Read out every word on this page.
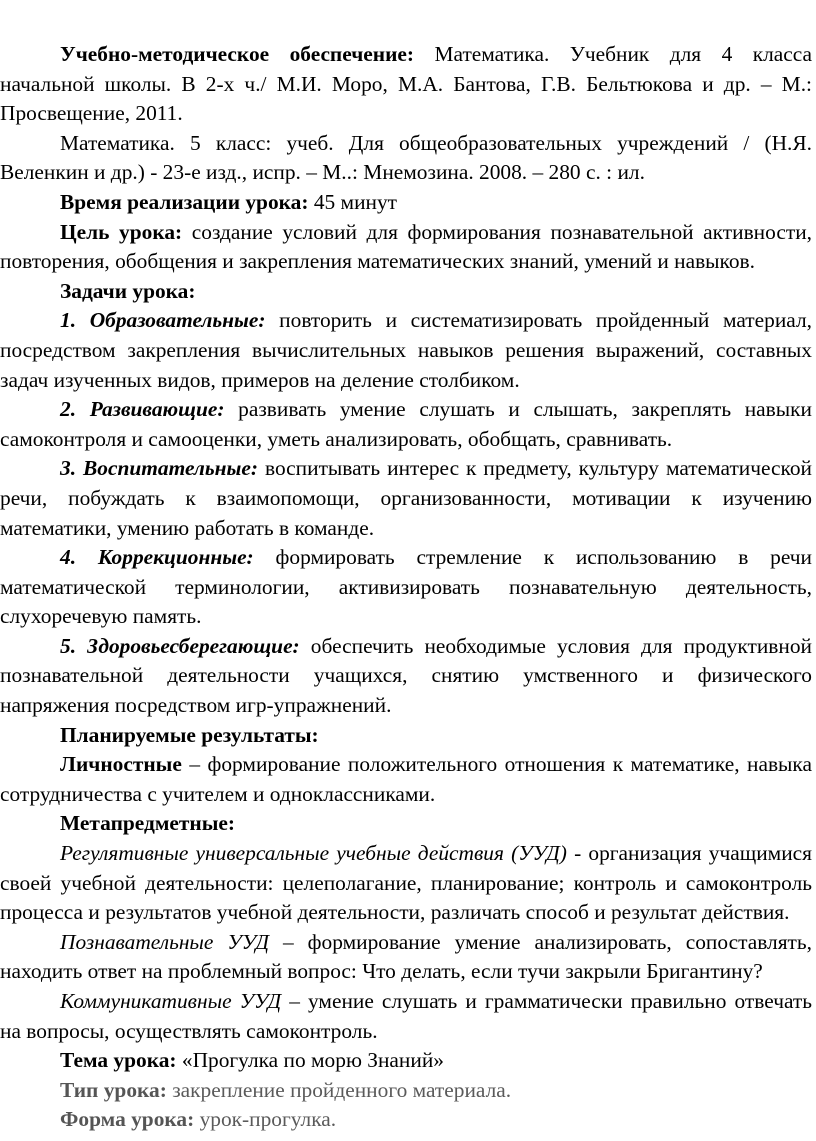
Учебно-методическое обеспечение: Математика. Учебник для 4 класса начальной школы. В 2-х ч./ М.И. Моро, М.А. Бантова, Г.В. Бельтюкова и др. – М.: Просвещение, 2011.

Математика. 5 класс: учеб. Для общеобразовательных учреждений / (Н.Я. Веленкин и др.) - 23-е изд., испр. – М..: Мнемозина. 2008. – 280 с. : ил.

Время реализации урока: 45 минут

Цель урока: создание условий для формирования познавательной активности, повторения, обобщения и закрепления математических знаний, умений и навыков.

Задачи урока:

1. Образовательные: повторить и систематизировать пройденный материал, посредством закрепления вычислительных навыков решения выражений, составных задач изученных видов, примеров на деление столбиком.

2. Развивающие: развивать умение слушать и слышать, закреплять навыки самоконтроля и самооценки, уметь анализировать, обобщать, сравнивать.

3. Воспитательные: воспитывать интерес к предмету, культуру математической речи, побуждать к взаимопомощи, организованности, мотивации к изучению математики, умению работать в команде.

4. Коррекционные: формировать стремление к использованию в речи математической терминологии, активизировать познавательную деятельность, слухоречевую память.

5. Здоровьесберегающие: обеспечить необходимые условия для продуктивной познавательной деятельности учащихся, снятию умственного и физического напряжения посредством игр-упражнений.

Планируемые результаты:

Личностные – формирование положительного отношения к математике, навыка сотрудничества с учителем и одноклассниками.

Метапредметные:

Регулятивные универсальные учебные действия (УУД) - организация учащимися своей учебной деятельности: целеполагание, планирование; контроль и самоконтроль процесса и результатов учебной деятельности, различать способ и результат действия.

Познавательные УУД – формирование умение анализировать, сопоставлять, находить ответ на проблемный вопрос: Что делать, если тучи закрыли Бригантину?

Коммуникативные УУД – умение слушать и грамматически правильно отвечать на вопросы, осуществлять самоконтроль.

Тема урока: «Прогулка по морю Знаний»

Тип урока: закрепление пройденного материала.

Форма урока: урок-прогулка.
